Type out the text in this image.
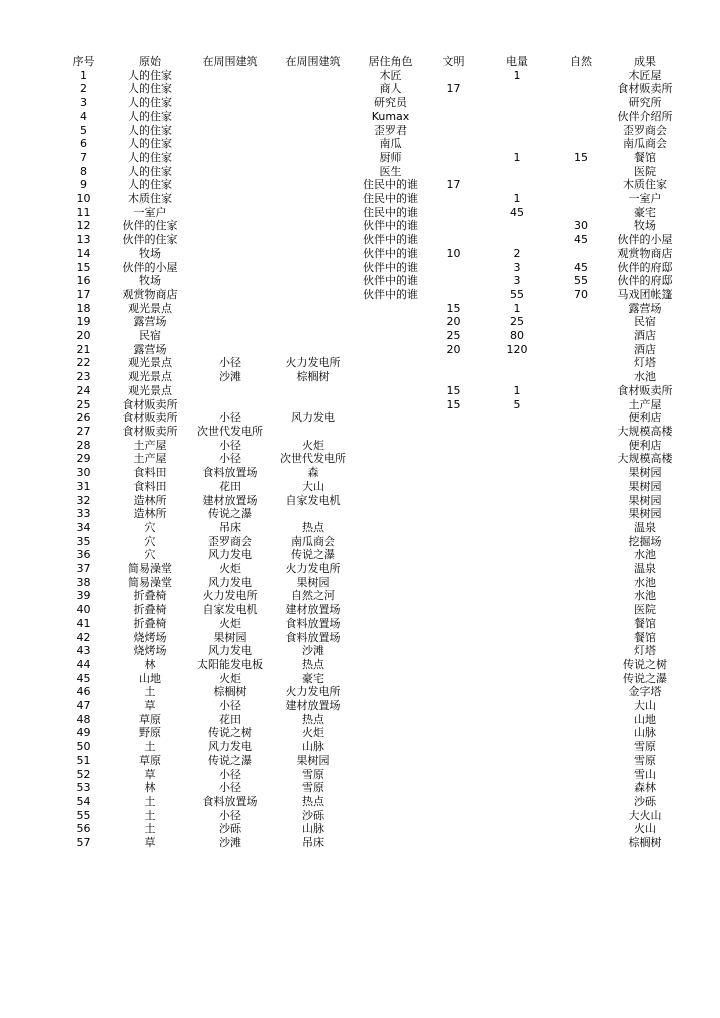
序号	原始	在周围建筑	在周围建筑	居住角色	文明	电量	自然	成果
1	人的住家			木匠		1		木匠屋
2	人的住家			商人	17			食材贩卖所
3	人的住家			研究员				研究所
4	人的住家			Kumax				伙伴介绍所
5	人的住家			歪罗君				歪罗商会
6	人的住家			南瓜				南瓜商会
7	人的住家			厨师		1	15	餐馆
8	人的住家			医生				医院
9	人的住家			住民中的谁	17			木质住家
10	木质住家			住民中的谁		1		一室户
11	一室户			住民中的谁		45		豪宅
12	伙伴的住家			伙伴中的谁			30	牧场
13	伙伴的住家			伙伴中的谁			45	伙伴的小屋
14	牧场			伙伴中的谁	10	2		观赏物商店
15	伙伴的小屋			伙伴中的谁		3	45	伙伴的府邸
16	牧场			伙伴中的谁		3	55	伙伴的府邸
17	观赏物商店			伙伴中的谁		55	70	马戏团帐篷
18	观光景点				15	1		露营场
19	露营场				20	25		民宿
20	民宿				25	80		酒店
21	露营场				20	120		酒店
22	观光景点	小径	火力发电所					灯塔
23	观光景点	沙滩	棕榈树					水池
24	观光景点				15	1		食材贩卖所
25	食材贩卖所				15	5		土产屋
26	食材贩卖所	小径	风力发电					便利店
27	食材贩卖所	次世代发电所						大规模高楼
28	土产屋	小径	火炬					便利店
29	土产屋	小径	次世代发电所					大规模高楼
30	食料田	食料放置场	森					果树园
31	食料田	花田	大山					果树园
32	造林所	建材放置场	自家发电机					果树园
33	造林所	传说之瀑						果树园
34	穴	吊床	热点					温泉
35	穴	歪罗商会	南瓜商会					挖掘场
36	穴	风力发电	传说之瀑					水池
37	简易澡堂	火炬	火力发电所					温泉
38	简易澡堂	风力发电	果树园					水池
39	折叠椅	火力发电所	自然之河					水池
40	折叠椅	自家发电机	建材放置场					医院
41	折叠椅	火炬	食料放置场					餐馆
42	烧烤场	果树园	食料放置场					餐馆
43	烧烤场	风力发电	沙滩					灯塔
44	林	太阳能发电板	热点					传说之树
45	山地	火炬	豪宅					传说之瀑
46	土	棕榈树	火力发电所					金字塔
47	草	小径	建材放置场					大山
48	草原	花田	热点					山地
49	野原	传说之树	火炬					山脉
50	土	风力发电	山脉					雪原
51	草原	传说之瀑	果树园					雪原
52	草	小径	雪原					雪山
53	林	小径	雪原					森林
54	土	食料放置场	热点					沙砾
55	土	小径	沙砾					大火山
56	土	沙砾	山脉					火山
57	草	沙滩	吊床					棕榈树
